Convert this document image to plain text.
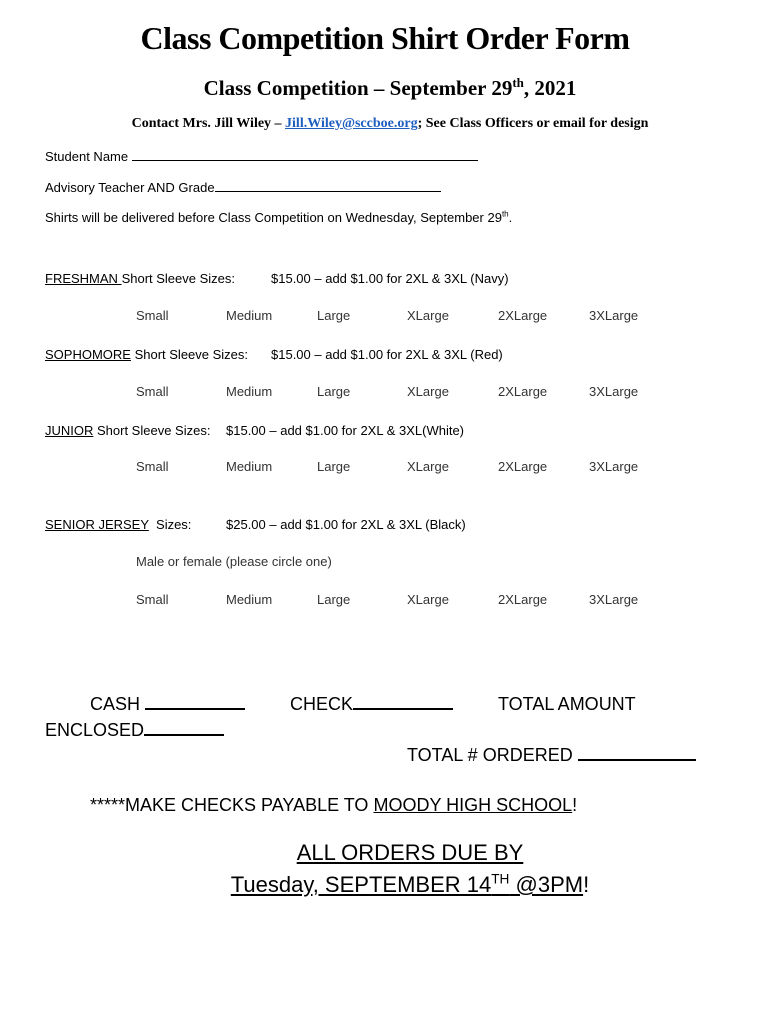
Class Competition Shirt Order Form
Class Competition – September 29th, 2021
Contact Mrs. Jill Wiley – Jill.Wiley@sccboe.org; See Class Officers or email for design
Student Name
Advisory Teacher AND Grade
Shirts will be delivered before Class Competition on Wednesday, September 29th.
FRESHMAN Short Sleeve Sizes:	$15.00 – add $1.00 for 2XL & 3XL (Navy)
Small	Medium	Large	XLarge	2XLarge	3XLarge
SOPHOMORE Short Sleeve Sizes: $15.00 – add $1.00 for 2XL & 3XL (Red)
Small	Medium	Large	XLarge	2XLarge	3XLarge
JUNIOR Short Sleeve Sizes: $15.00 – add $1.00 for 2XL & 3XL(White)
Small	Medium	Large	XLarge	2XLarge	3XLarge
SENIOR JERSEY  Sizes:	$25.00 – add $1.00 for 2XL & 3XL (Black)
Male or female (please circle one)
Small	Medium	Large	XLarge	2XLarge	3XLarge
CASH	CHECK	TOTAL AMOUNT
ENCLOSED
TOTAL # ORDERED
*****MAKE CHECKS PAYABLE TO MOODY HIGH SCHOOL!
ALL ORDERS DUE BY
Tuesday, SEPTEMBER 14TH @3PM!
